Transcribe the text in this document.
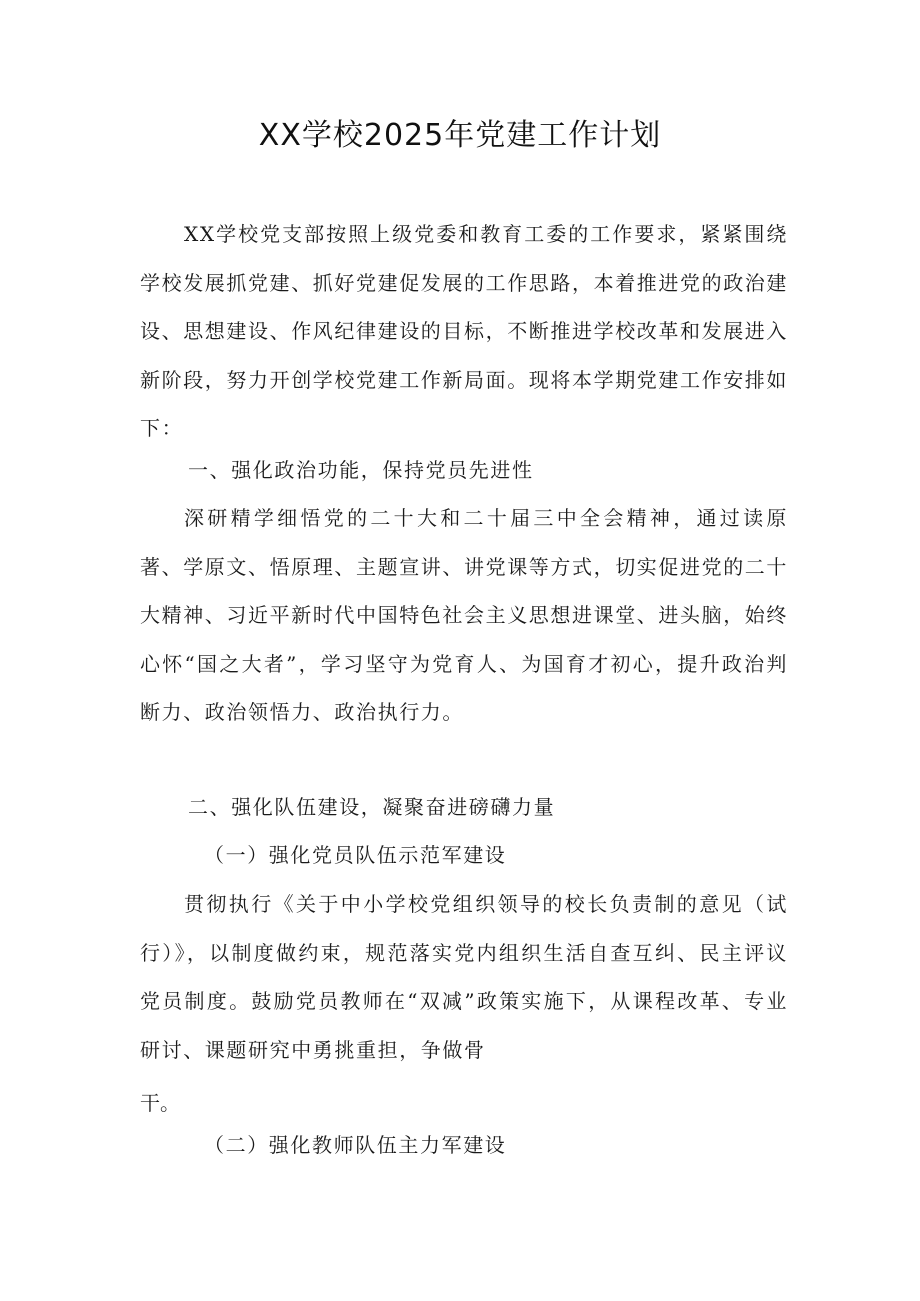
XX学校2025年党建工作计划

XX学校党支部按照上级党委和教育工委的工作要求，紧紧围绕学校发展抓党建、抓好党建促发展的工作思路，本着推进党的政治建设、思想建设、作风纪律建设的目标，不断推进学校改革和发展进入新阶段，努力开创学校党建工作新局面。现将本学期党建工作安排如下：

一、强化政治功能，保持党员先进性

深研精学细悟党的二十大和二十届三中全会精神，通过读原著、学原文、悟原理、主题宣讲、讲党课等方式，切实促进党的二十大精神、习近平新时代中国特色社会主义思想进课堂、进头脑，始终心怀“国之大者”，学习坚守为党育人、为国育才初心，提升政治判断力、政治领悟力、政治执行力。

二、强化队伍建设，凝聚奋进磅礴力量
（一）强化党员队伍示范军建设

贯彻执行《关于中小学校党组织领导的校长负责制的意见（试行）》，以制度做约束，规范落实党内组织生活自查互纠、民主评议党员制度。鼓励党员教师在“双减”政策实施下，从课程改革、专业研讨、课题研究中勇挑重担，争做骨

干。

（二）强化教师队伍主力军建设
